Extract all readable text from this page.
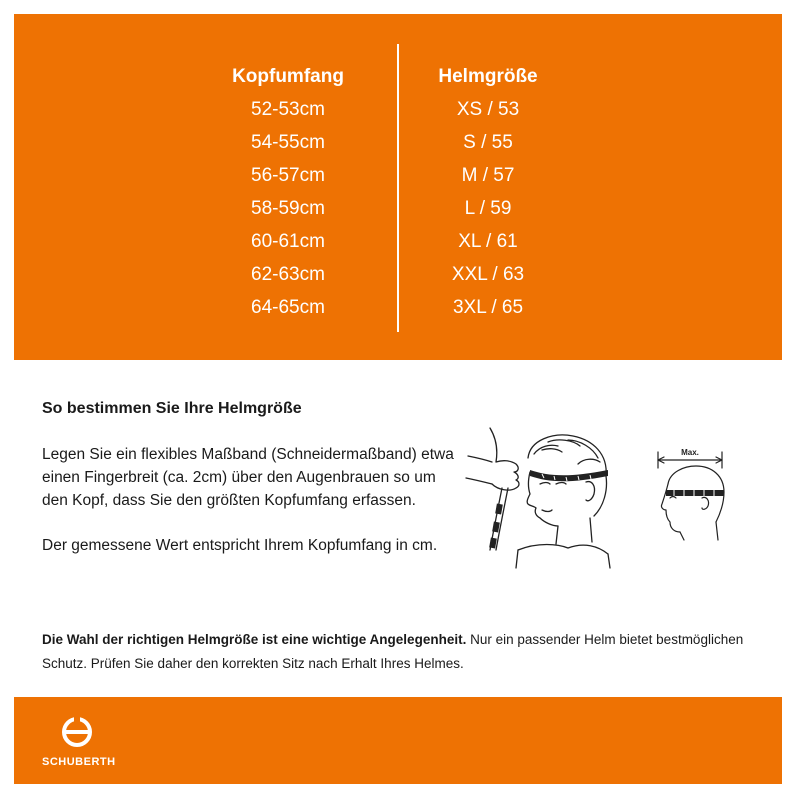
Kopfumfang
52-53cm
54-55cm
56-57cm
58-59cm
60-61cm
62-63cm
64-65cm
Helmgröße
XS / 53
S / 55
M / 57
L / 59
XL / 61
XXL / 63
3XL / 65
So bestimmen Sie Ihre Helmgröße

Legen Sie ein flexibles Maßband (Schneidermaßband) etwa einen Fingerbreit (ca. 2cm) über den Augenbrauen so um den Kopf, dass Sie den größten Kopfumfang erfassen.

Der gemessene Wert entspricht Ihrem Kopfumfang in cm.

Max.
Die Wahl der richtigen Helmgröße ist eine wichtige Angelegenheit. Nur ein passender Helm bietet bestmöglichen Schutz. Prüfen Sie daher den korrekten Sitz nach Erhalt Ihres Helmes.
SCHUBERTH
